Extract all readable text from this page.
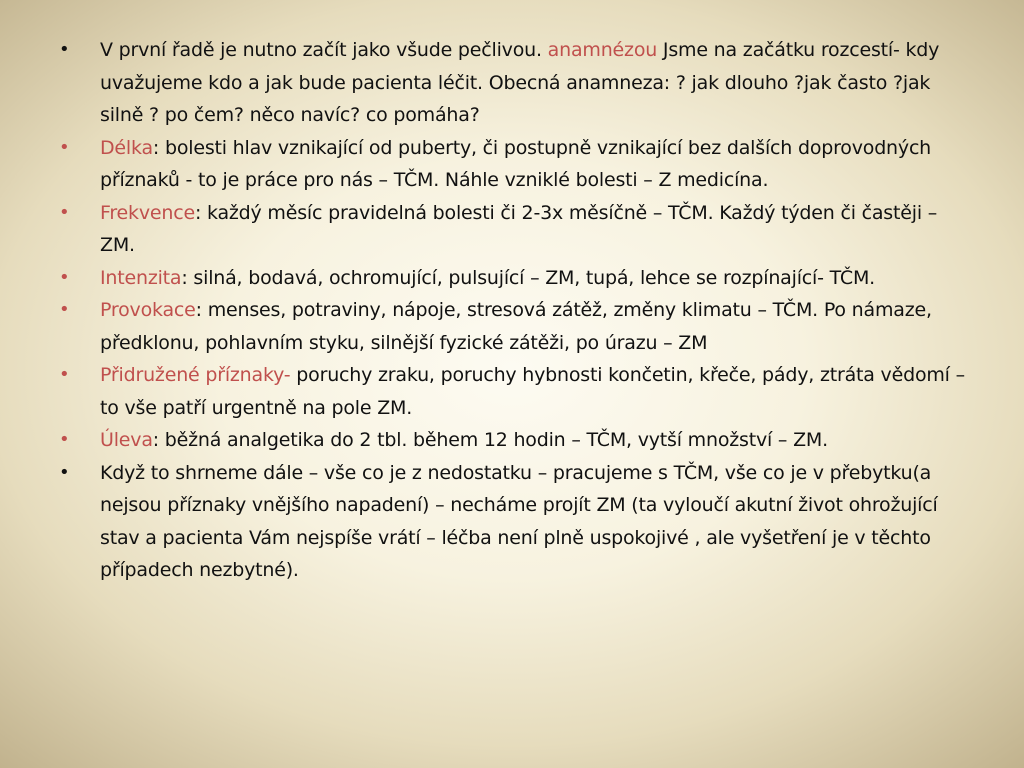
• V první řadě je nutno začít jako všude pečlivou. anamnézou Jsme na začátku rozcestí- kdy uvažujeme kdo a jak bude pacienta léčit. Obecná anamneza: ? jak dlouho ?jak často ?jak silně ? po čem? něco navíc? co pomáha?
• Délka: bolesti hlav vznikající od puberty, či postupně vznikající bez dalších doprovodných příznaků - to je práce pro nás – TČM. Náhle vzniklé bolesti – Z medicína.
• Frekvence: každý měsíc pravidelná bolesti či 2-3x měsíčně – TČM. Každý týden či častěji – ZM.
• Intenzita: silná, bodavá, ochromující, pulsující – ZM, tupá, lehce se rozpínající- TČM.
• Provokace: menses, potraviny, nápoje, stresová zátěž, změny klimatu – TČM. Po námaze, předklonu, pohlavním styku, silnější fyzické zátěži, po úrazu – ZM
• Přidružené příznaky- poruchy zraku, poruchy hybnosti končetin, křeče, pády, ztráta vědomí – to vše patří urgentně na pole ZM.
• Úleva: běžná analgetika do 2 tbl. během 12 hodin – TČM, vytší množství – ZM.
• Když to shrneme dále – vše co je z nedostatku – pracujeme s TČM, vše co je v přebytku(a nejsou příznaky vnějšího napadení) – necháme projít ZM (ta vyloučí akutní život ohrožující stav a pacienta Vám nejspíše vrátí – léčba není plně uspokojivé , ale vyšetření je v těchto případech nezbytné).
